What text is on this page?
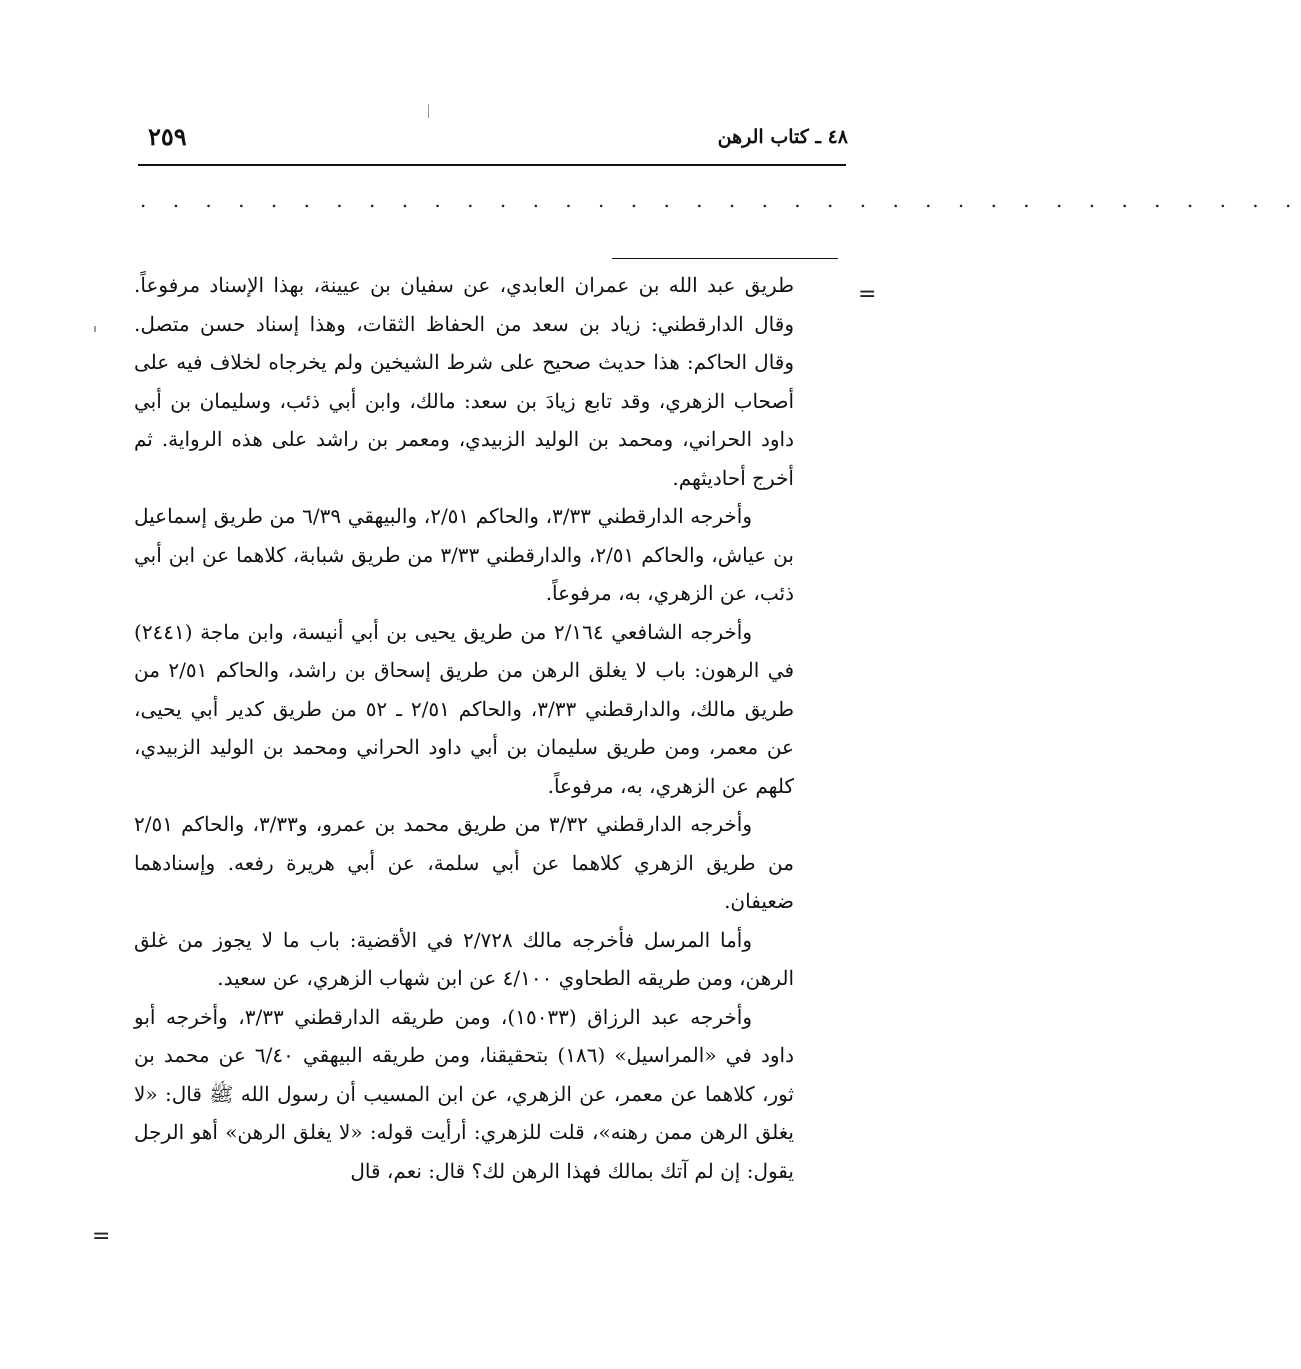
٤٨ ـ كتاب الرهن
٢٥٩
. . . . . . . . . . . . . . . . . . . . . . . . . . . . . . . . . . . .
=

طريق عبد الله بن عمران العابدي، عن سفيان بن عيينة، بهذا الإسناد مرفوعاً. وقال الدارقطني: زياد بن سعد من الحفاظ الثقات، وهذا إسناد حسن متصل. وقال الحاكم: هذا حديث صحيح على شرط الشيخين ولم يخرجاه لخلاف فيه على أصحاب الزهري، وقد تابع زيادَ بن سعد: مالك، وابن أبي ذئب، وسليمان بن أبي داود الحراني، ومحمد بن الوليد الزبيدي، ومعمر بن راشد على هذه الرواية. ثم أخرج أحاديثهم.

وأخرجه الدارقطني ٣/٣٣، والحاكم ٢/٥١، والبيهقي ٦/٣٩ من طريق إسماعيل بن عياش، والحاكم ٢/٥١، والدارقطني ٣/٣٣ من طريق شبابة، كلاهما عن ابن أبي ذئب، عن الزهري، به، مرفوعاً.

وأخرجه الشافعي ٢/١٦٤ من طريق يحيى بن أبي أنيسة، وابن ماجة (٢٤٤١) في الرهون: باب لا يغلق الرهن من طريق إسحاق بن راشد، والحاكم ٢/٥١ من طريق مالك، والدارقطني ٣/٣٣، والحاكم ٢/٥١ ـ ٥٢ من طريق كدير أبي يحيى، عن معمر، ومن طريق سليمان بن أبي داود الحراني ومحمد بن الوليد الزبيدي، كلهم عن الزهري، به، مرفوعاً.

وأخرجه الدارقطني ٣/٣٢ من طريق محمد بن عمرو، و٣/٣٣، والحاكم ٢/٥١ من طريق الزهري كلاهما عن أبي سلمة، عن أبي هريرة رفعه. وإسنادهما ضعيفان.

وأما المرسل فأخرجه مالك ٢/٧٢٨ في الأقضية: باب ما لا يجوز من غلق الرهن، ومن طريقه الطحاوي ٤/١٠٠ عن ابن شهاب الزهري، عن سعيد.

وأخرجه عبد الرزاق (١٥٠٣٣)، ومن طريقه الدارقطني ٣/٣٣، وأخرجه أبو داود في «المراسيل» (١٨٦) بتحقيقنا، ومن طريقه البيهقي ٦/٤٠ عن محمد بن ثور، كلاهما عن معمر، عن الزهري، عن ابن المسيب أن رسول الله ﷺ قال: «لا يغلق الرهن ممن رهنه»، قلت للزهري: أرأيت قوله: «لا يغلق الرهن» أهو الرجل يقول: إن لم آتك بمالك فهذا الرهن لك؟ قال: نعم، قال

=
